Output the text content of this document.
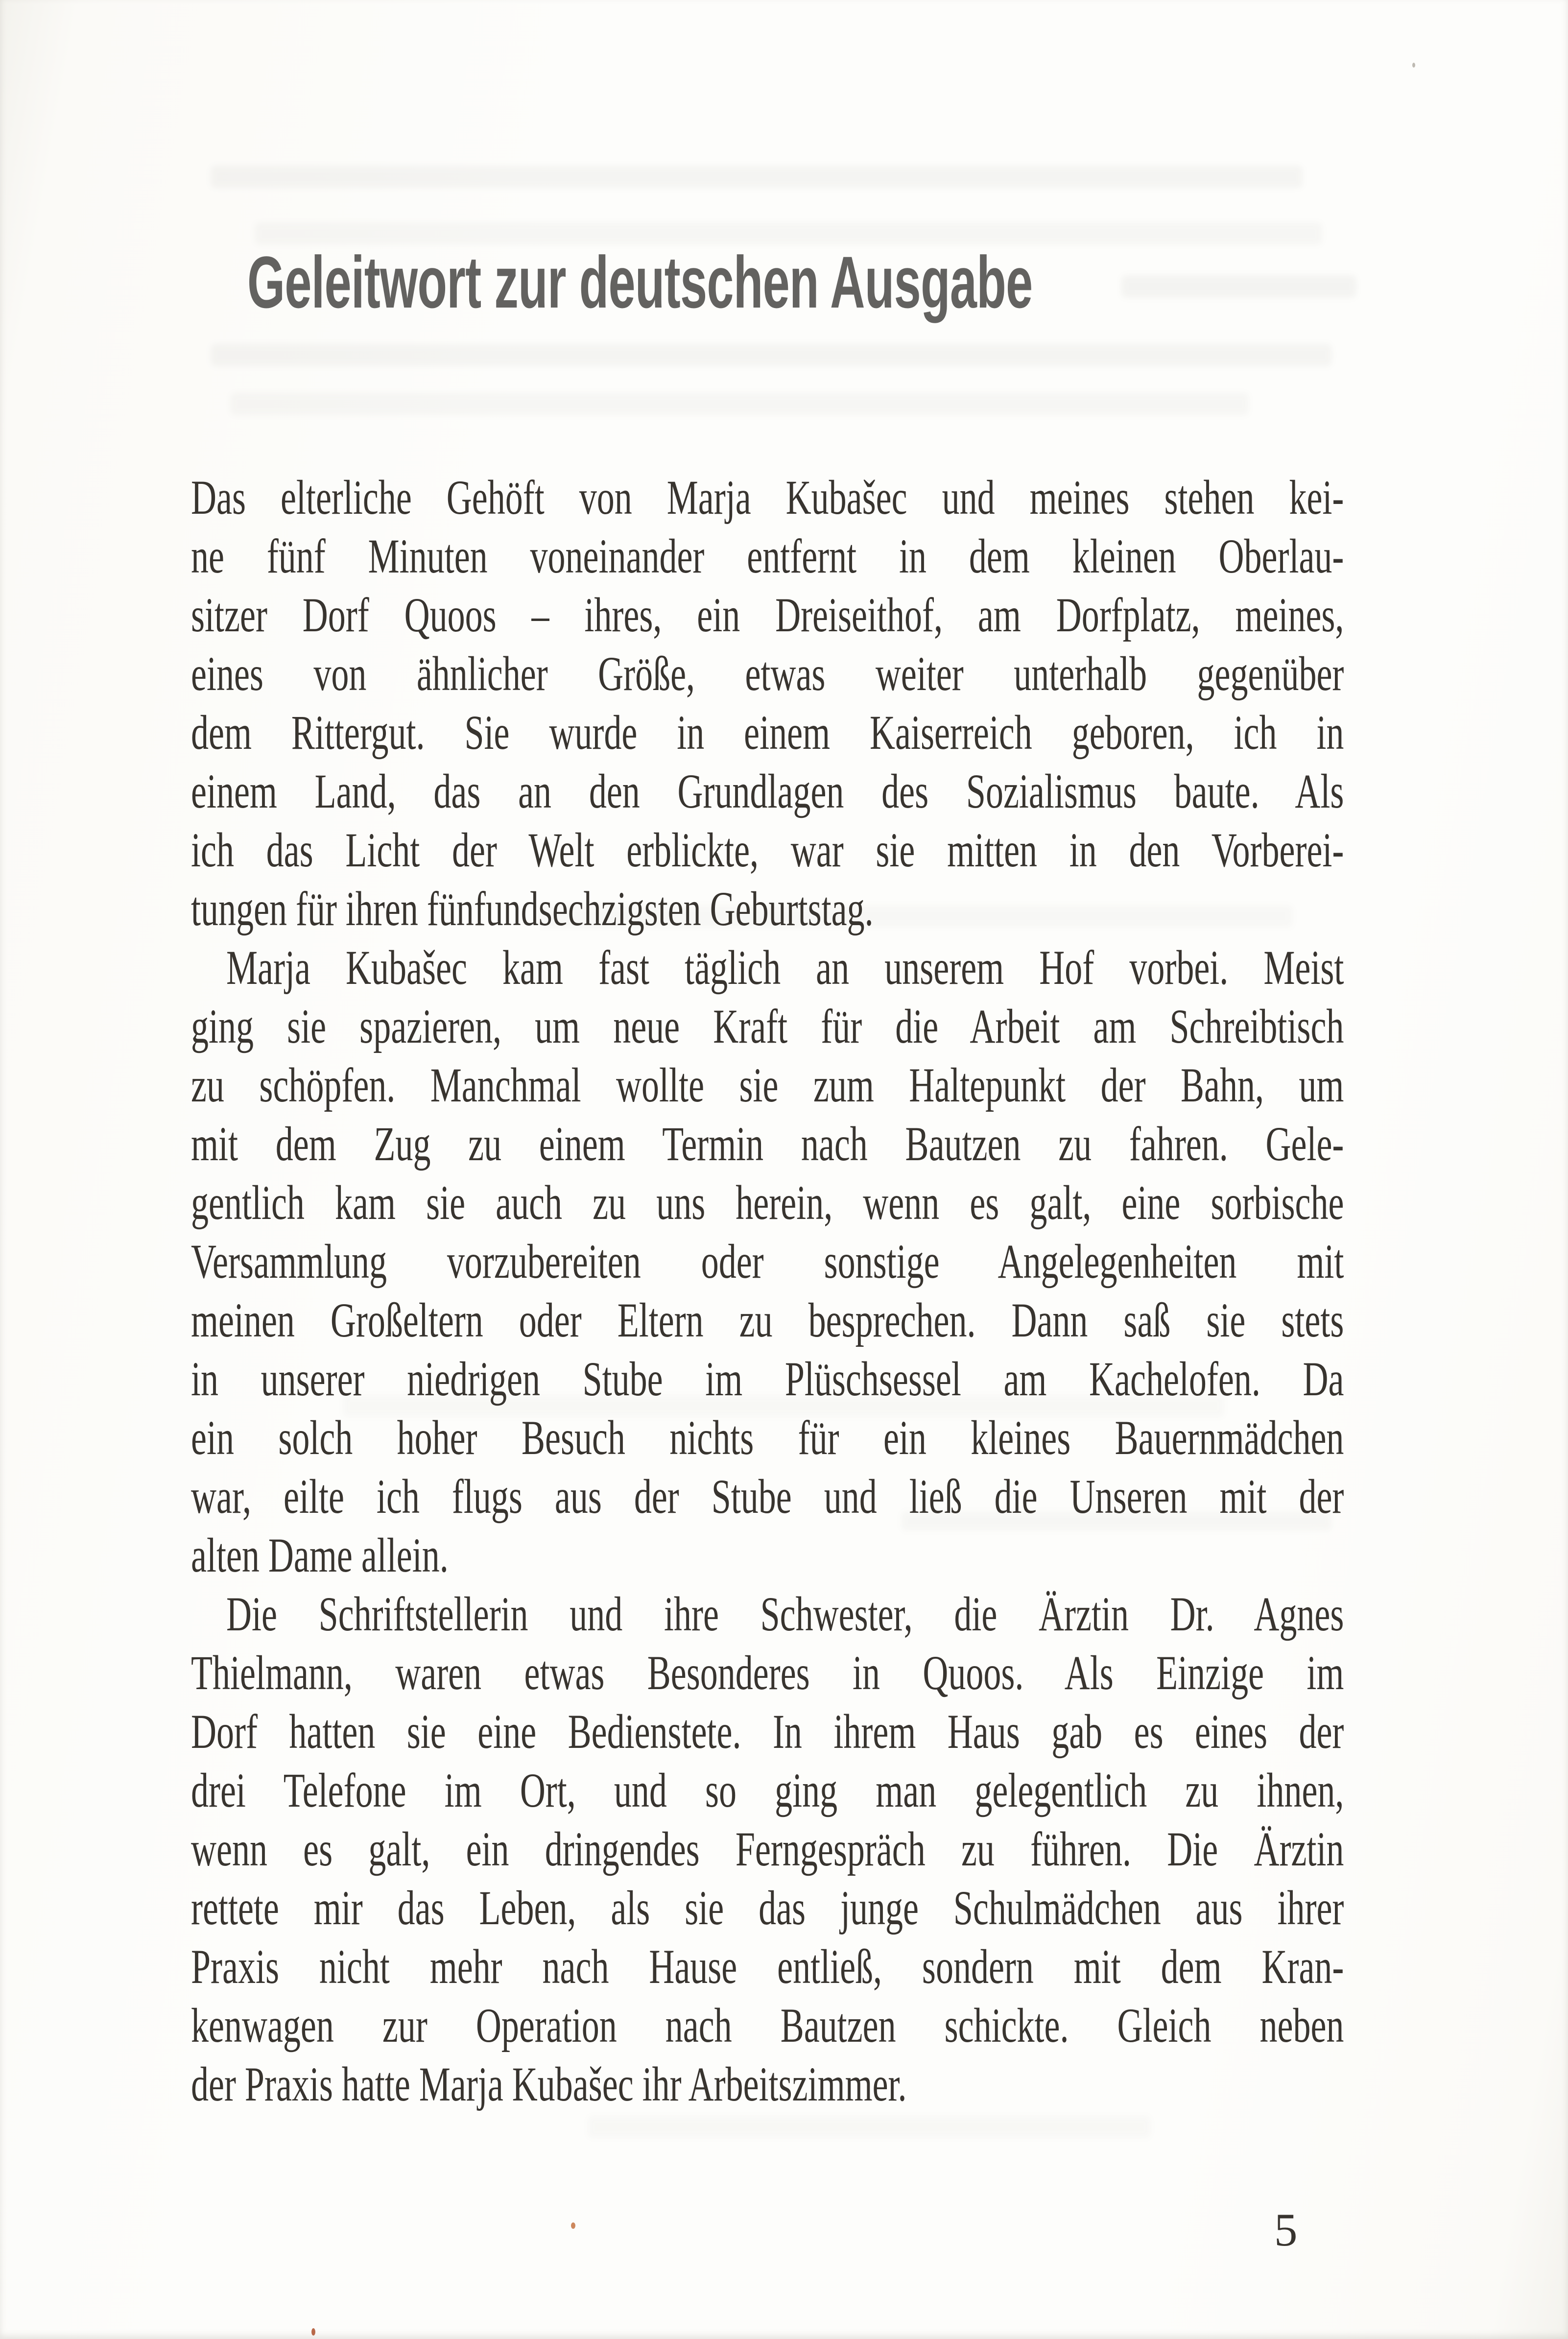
Geleitwort zur deutschen Ausgabe
Das elterliche Gehöft von Marja Kubašec und meines stehen kei-
ne fünf Minuten voneinander entfernt in dem kleinen Oberlau-
sitzer Dorf Quoos – ihres, ein Dreiseithof, am Dorfplatz, meines,
eines von ähnlicher Größe, etwas weiter unterhalb gegenüber
dem Rittergut. Sie wurde in einem Kaiserreich geboren, ich in
einem Land, das an den Grundlagen des Sozialismus baute. Als
ich das Licht der Welt erblickte, war sie mitten in den Vorberei-
tungen für ihren fünfundsechzigsten Geburtstag.
Marja Kubašec kam fast täglich an unserem Hof vorbei. Meist
ging sie spazieren, um neue Kraft für die Arbeit am Schreibtisch
zu schöpfen. Manchmal wollte sie zum Haltepunkt der Bahn, um
mit dem Zug zu einem Termin nach Bautzen zu fahren. Gele-
gentlich kam sie auch zu uns herein, wenn es galt, eine sorbische
Versammlung vorzubereiten oder sonstige Angelegenheiten mit
meinen Großeltern oder Eltern zu besprechen. Dann saß sie stets
in unserer niedrigen Stube im Plüschsessel am Kachelofen. Da
ein solch hoher Besuch nichts für ein kleines Bauernmädchen
war, eilte ich flugs aus der Stube und ließ die Unseren mit der
alten Dame allein.
Die Schriftstellerin und ihre Schwester, die Ärztin Dr. Agnes
Thielmann, waren etwas Besonderes in Quoos. Als Einzige im
Dorf hatten sie eine Bedienstete. In ihrem Haus gab es eines der
drei Telefone im Ort, und so ging man gelegentlich zu ihnen,
wenn es galt, ein dringendes Ferngespräch zu führen. Die Ärztin
rettete mir das Leben, als sie das junge Schulmädchen aus ihrer
Praxis nicht mehr nach Hause entließ, sondern mit dem Kran-
kenwagen zur Operation nach Bautzen schickte. Gleich neben
der Praxis hatte Marja Kubašec ihr Arbeitszimmer.
5
